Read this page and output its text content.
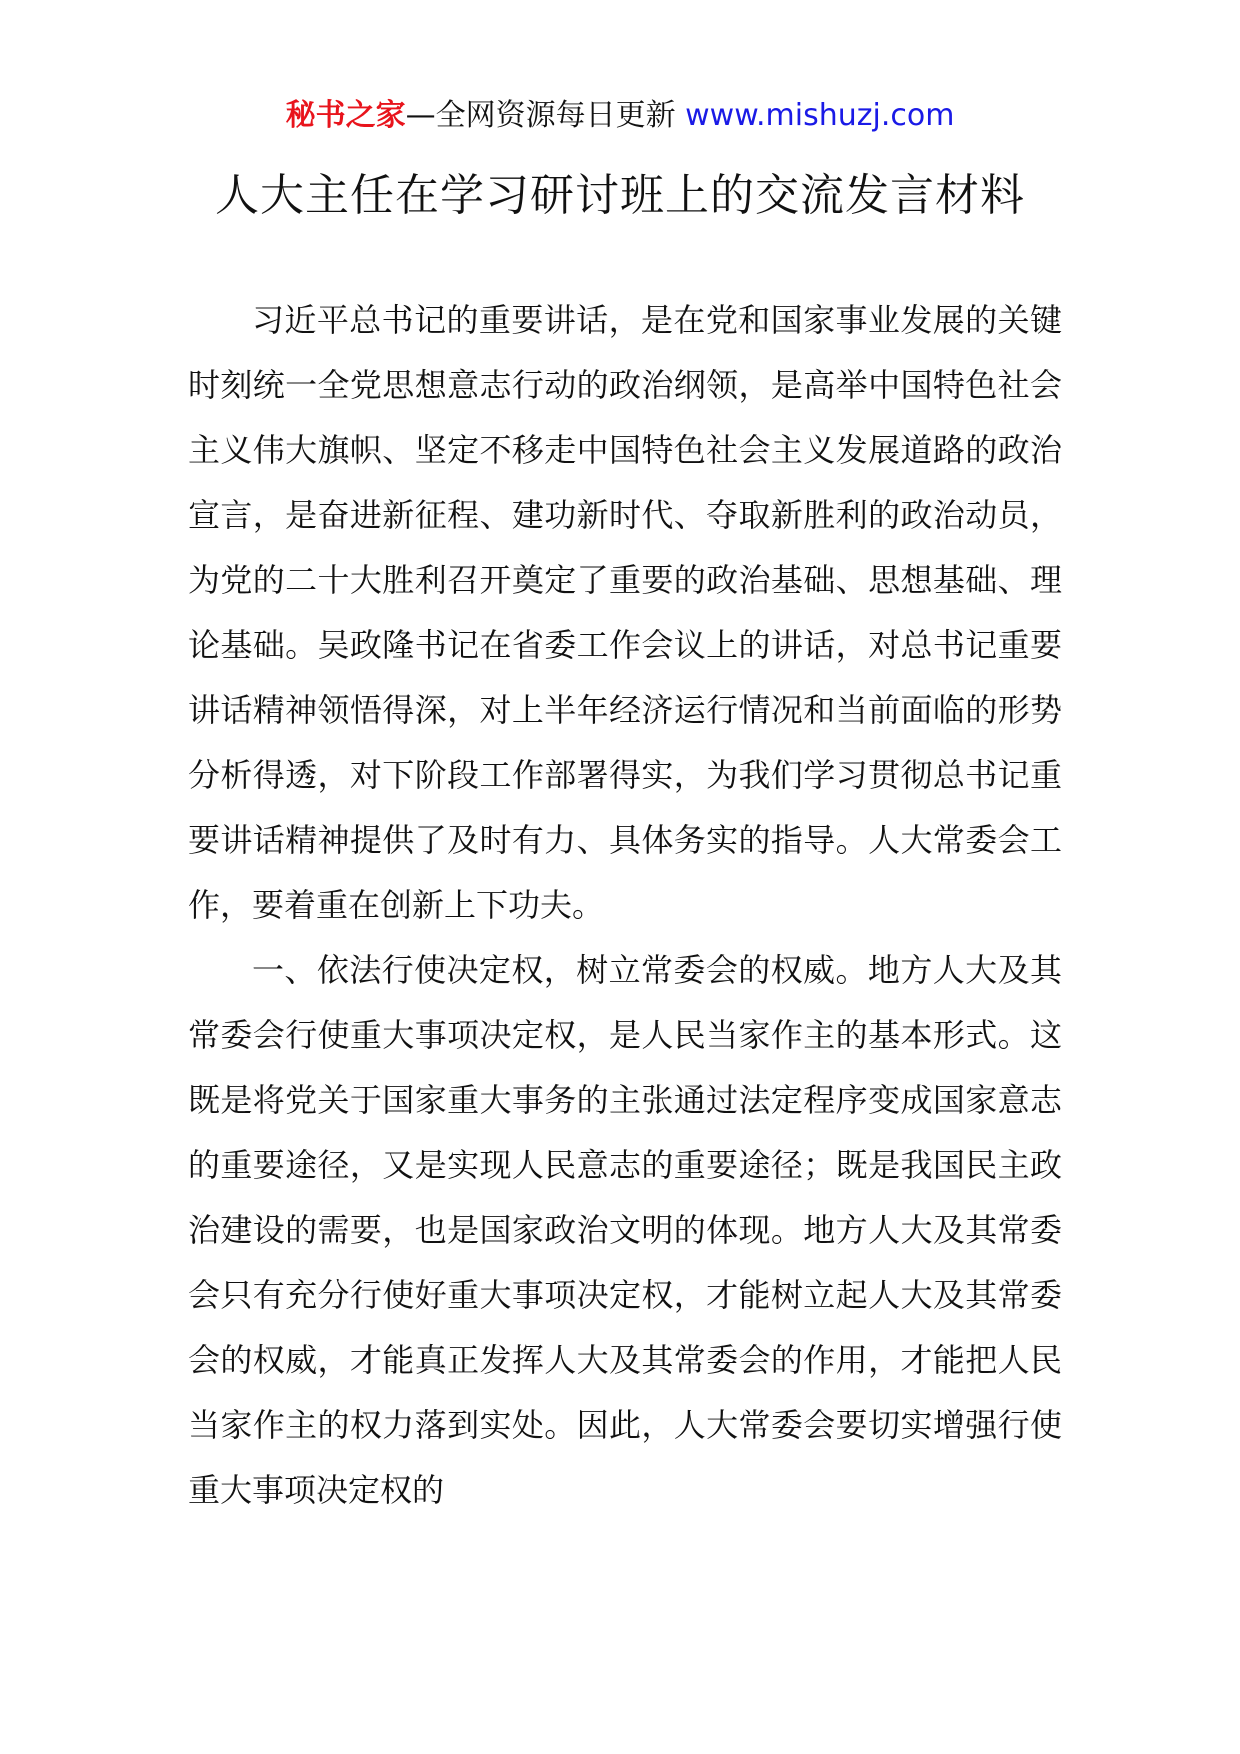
秘书之家—全网资源每日更新 www.mishuzj.com
人大主任在学习研讨班上的交流发言材料

习近平总书记的重要讲话，是在党和国家事业发展的关键时刻统一全党思想意志行动的政治纲领，是高举中国特色社会主义伟大旗帜、坚定不移走中国特色社会主义发展道路的政治宣言，是奋进新征程、建功新时代、夺取新胜利的政治动员，为党的二十大胜利召开奠定了重要的政治基础、思想基础、理论基础。吴政隆书记在省委工作会议上的讲话，对总书记重要讲话精神领悟得深，对上半年经济运行情况和当前面临的形势分析得透，对下阶段工作部署得实，为我们学习贯彻总书记重要讲话精神提供了及时有力、具体务实的指导。人大常委会工作，要着重在创新上下功夫。

一、依法行使决定权，树立常委会的权威。地方人大及其常委会行使重大事项决定权，是人民当家作主的基本形式。这既是将党关于国家重大事务的主张通过法定程序变成国家意志的重要途径，又是实现人民意志的重要途径；既是我国民主政治建设的需要，也是国家政治文明的体现。地方人大及其常委会只有充分行使好重大事项决定权，才能树立起人大及其常委会的权威，才能真正发挥人大及其常委会的作用，才能把人民当家作主的权力落到实处。因此，人大常委会要切实增强行使重大事项决定权的
